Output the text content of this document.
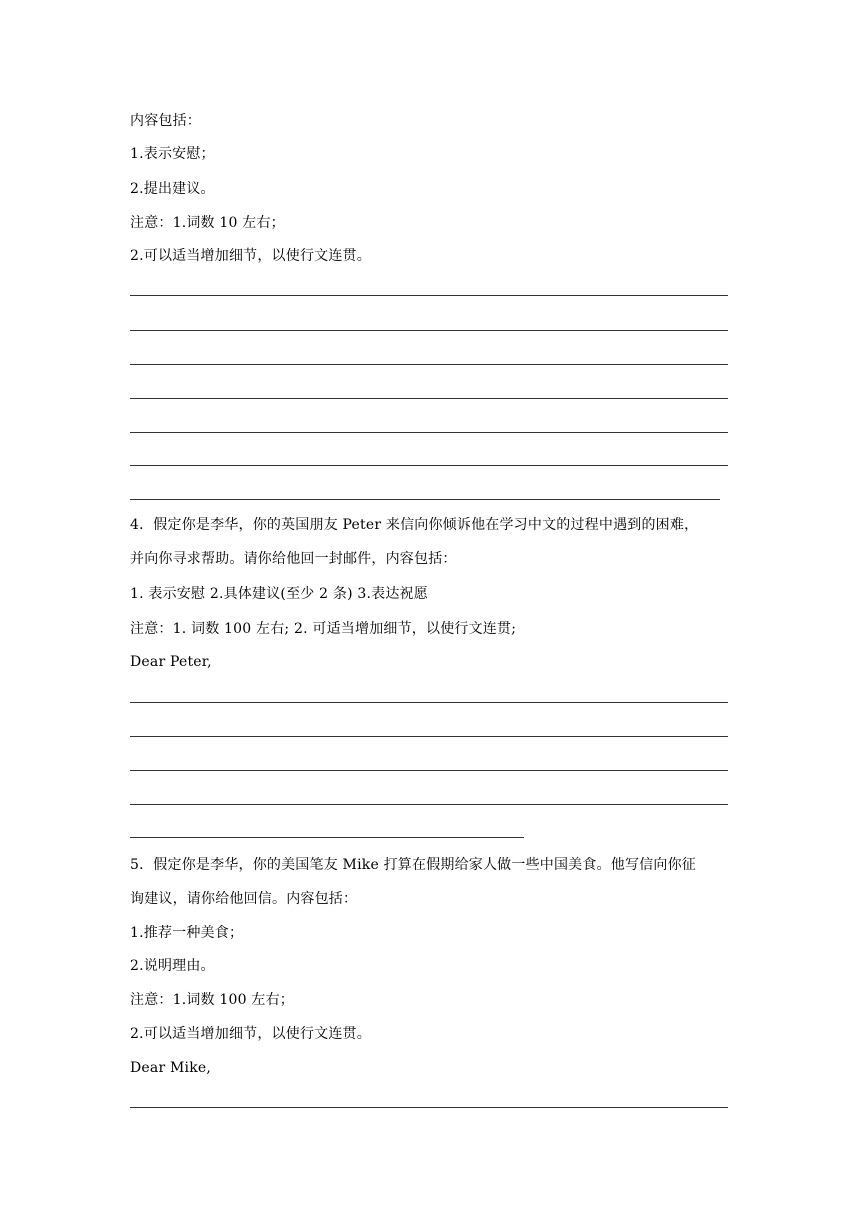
内容包括：
1.表示安慰；
2.提出建议。
注意：1.词数 10 左右；
2.可以适当增加细节，以使行文连贯。
4．假定你是李华，你的英国朋友 Peter 来信向你倾诉他在学习中文的过程中遇到的困难，
并向你寻求帮助。请你给他回一封邮件，内容包括：
1. 表示安慰 2.具体建议(至少 2 条) 3.表达祝愿
注意：1. 词数 100 左右; 2. 可适当增加细节，以使行文连贯;
Dear Peter,
5．假定你是李华，你的美国笔友 Mike 打算在假期给家人做一些中国美食。他写信向你征
询建议，请你给他回信。内容包括：
1.推荐一种美食；
2.说明理由。
注意：1.词数 100 左右；
2.可以适当增加细节，以使行文连贯。
Dear Mike,
